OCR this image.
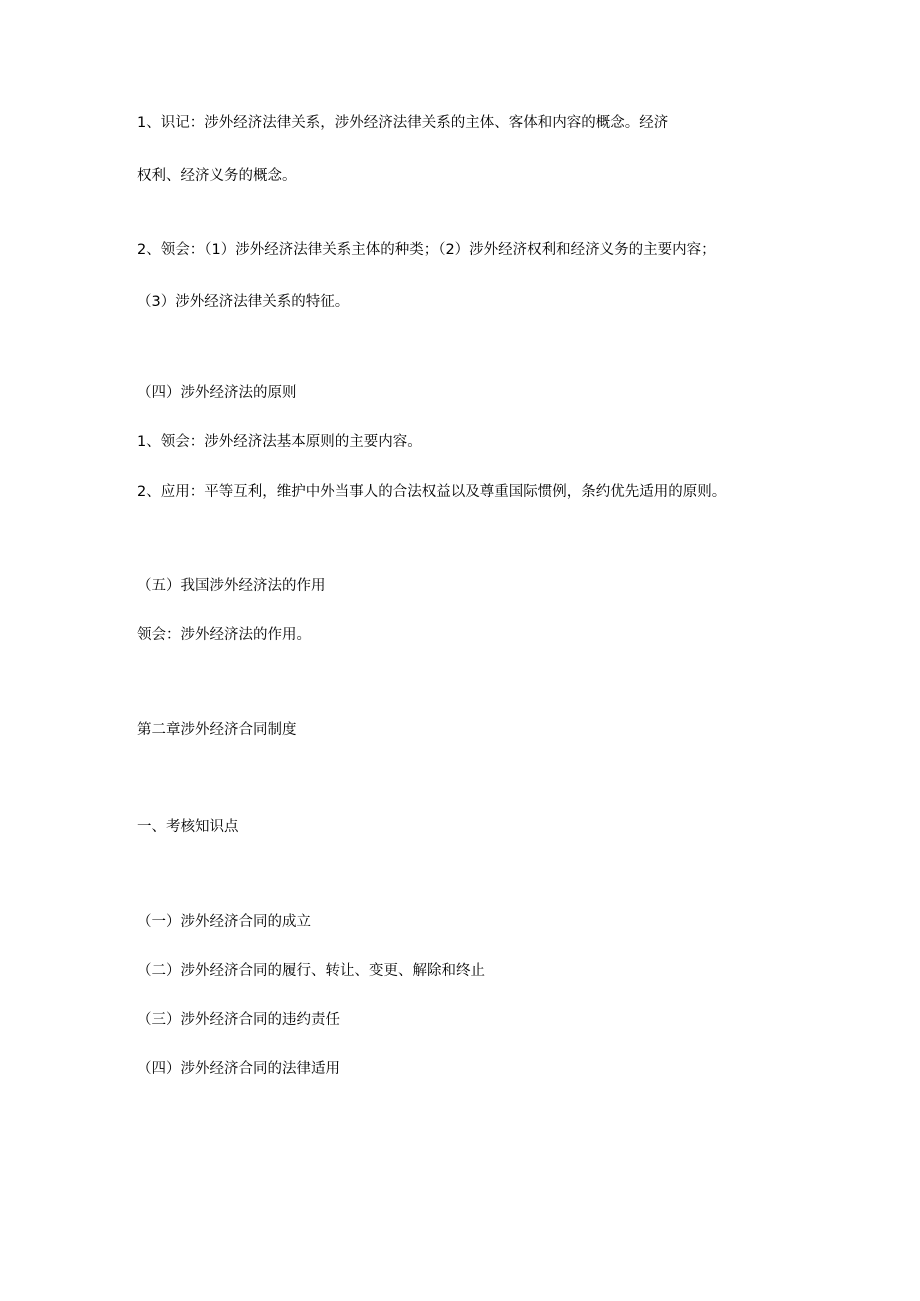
1、识记：涉外经济法律关系，涉外经济法律关系的主体、客体和内容的概念。经济
权利、经济义务的概念。
2、领会：（1）涉外经济法律关系主体的种类；（2）涉外经济权利和经济义务的主要内容；
（3）涉外经济法律关系的特征。
（四）涉外经济法的原则
1、领会：涉外经济法基本原则的主要内容。
2、应用：平等互利，维护中外当事人的合法权益以及尊重国际惯例，条约优先适用的原则。
（五）我国涉外经济法的作用
领会：涉外经济法的作用。
第二章涉外经济合同制度
一、考核知识点
（一）涉外经济合同的成立
（二）涉外经济合同的履行、转让、变更、解除和终止
（三）涉外经济合同的违约责任
（四）涉外经济合同的法律适用
